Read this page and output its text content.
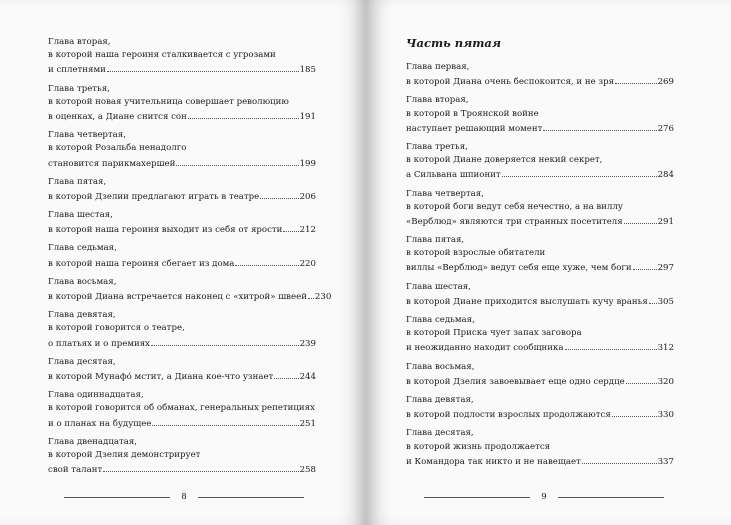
Глава вторая,
в которой наша героиня сталкивается с угрозами
и сплетнями	185
Глава третья,
в которой новая учительница совершает революцию
в оценках, а Диане снится сон	191
Глава четвертая,
в которой Розальба ненадолго
становится парикмахершей	199
Глава пятая,
в которой Дзелии предлагают играть в театре	206
Глава шестая,
в которой наша героиня выходит из себя от ярости 212
Глава седьмая,
в которой наша героиня сбегает из дома	220
Глава восьмая,
в которой Диана встречается наконец с «хитрой» швеей 230
Глава девятая,
в которой говорится о театре,
о платьях и о премиях	239
Глава десятая,
в которой Мунафо́ мстит, а Диана кое-что узнает	244
Глава одиннадцатая,
в которой говорится об обманах, генеральных репетициях
и о планах на будущее	251
Глава двенадцатая,
в которой Дзелия демонстрирует
свой талант	258
8
Часть пятая
Глава первая,
в которой Диана очень беспокоится, и не зря	269
Глава вторая,
в которой в Троянской войне
наступает решающий момент	276
Глава третья,
в которой Диане доверяется некий секрет,
а Сильвана шпионит	284
Глава четвертая,
в которой боги ведут себя нечестно, а на виллу
«Верблюд» являются три странных посетителя	291
Глава пятая,
в которой взрослые обитатели
виллы «Верблюд» ведут себя еще хуже, чем боги	297
Глава шестая,
в которой Диане приходится выслушать кучу вранья 305
Глава седьмая,
в которой Приска чует запах заговора
и неожиданно находит сообщника	312
Глава восьмая,
в которой Дзелия завоевывает еще одно сердце	320
Глава девятая,
в которой подлости взрослых продолжаются	330
Глава десятая,
в которой жизнь продолжается
и Командора так никто и не навещает	337
9
